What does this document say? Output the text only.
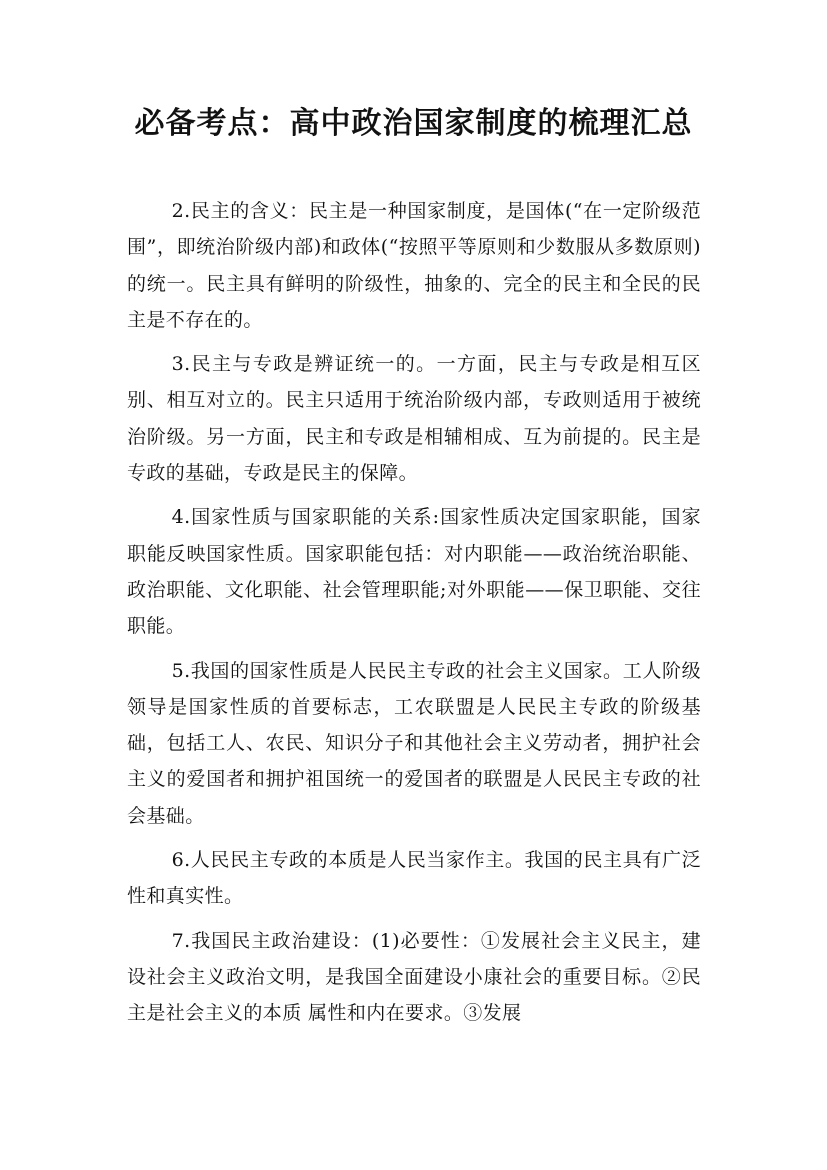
必备考点：高中政治国家制度的梳理汇总

2.民主的含义：民主是一种国家制度，是国体(“在一定阶级范围”，即统治阶级内部)和政体(“按照平等原则和少数服从多数原则)的统一。民主具有鲜明的阶级性，抽象的、完全的民主和全民的民主是不存在的。

3.民主与专政是辨证统一的。一方面，民主与专政是相互区别、相互对立的。民主只适用于统治阶级内部，专政则适用于被统治阶级。另一方面，民主和专政是相辅相成、互为前提的。民主是专政的基础，专政是民主的保障。

4.国家性质与国家职能的关系:国家性质决定国家职能，国家职能反映国家性质。国家职能包括：对内职能——政治统治职能、政治职能、文化职能、社会管理职能;对外职能——保卫职能、交往职能。

5.我国的国家性质是人民民主专政的社会主义国家。工人阶级领导是国家性质的首要标志，工农联盟是人民民主专政的阶级基础，包括工人、农民、知识分子和其他社会主义劳动者，拥护社会主义的爱国者和拥护祖国统一的爱国者的联盟是人民民主专政的社会基础。

6.人民民主专政的本质是人民当家作主。我国的民主具有广泛性和真实性。

7.我国民主政治建设：(1)必要性：①发展社会主义民主，建设社会主义政治文明，是我国全面建设小康社会的重要目标。②民主是社会主义的本质 属性和内在要求。③发展
